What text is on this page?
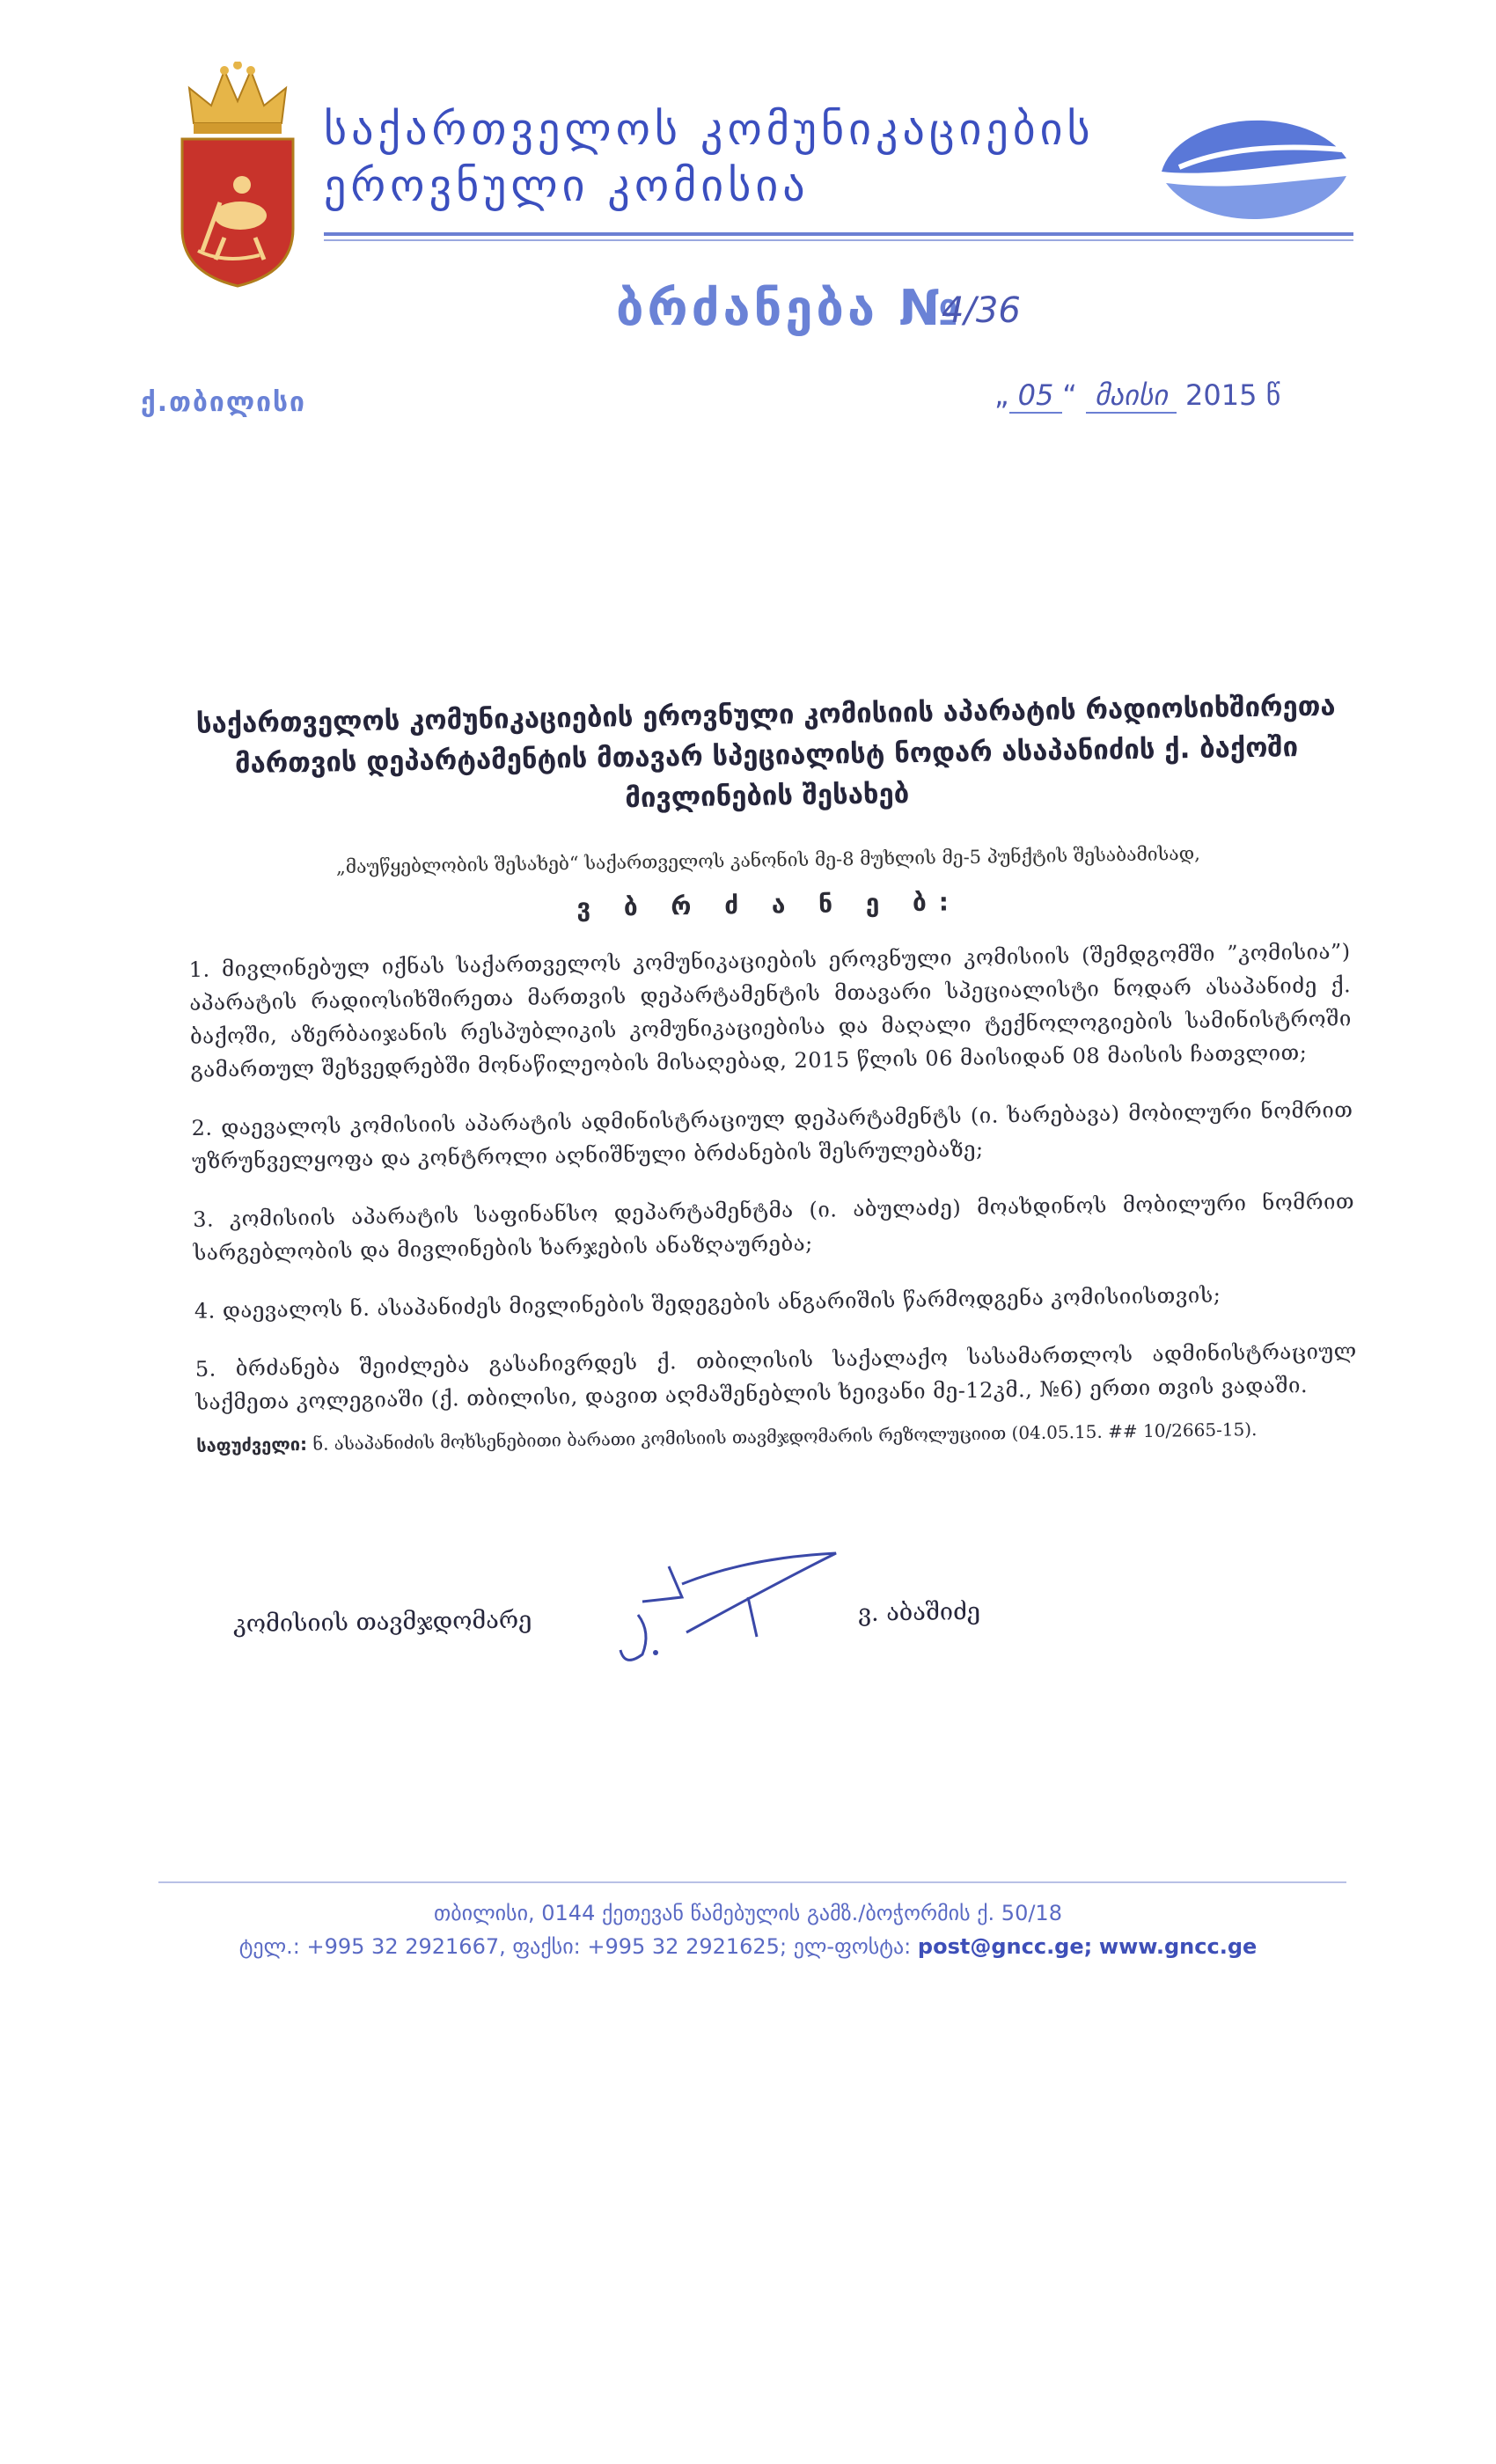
საქართველოს კომუნიკაციების
ეროვნული კომისია
ბრძანება №
4/36
ქ.თბილისი	„ 05 “ მაისი 2015 წ
საქართველოს კომუნიკაციების ეროვნული კომისიის აპარატის რადიოსიხშირეთა
მართვის დეპარტამენტის მთავარ სპეციალისტ ნოდარ ასაპანიძის ქ. ბაქოში
მივლინების შესახებ
„მაუწყებლობის შესახებ“ საქართველოს კანონის მე-8 მუხლის მე-5 პუნქტის შესაბამისად,
ვ ბ რ ძ ა ნ ე ბ:
1. მივლინებულ იქნას საქართველოს კომუნიკაციების ეროვნული კომისიის (შემდგომში ”კომისია”) აპარატის რადიოსიხშირეთა მართვის დეპარტამენტის მთავარი სპეციალისტი ნოდარ ასაპანიძე ქ. ბაქოში, აზერბაიჯანის რესპუბლიკის კომუნიკაციებისა და მაღალი ტექნოლოგიების სამინისტროში გამართულ შეხვედრებში მონაწილეობის მისაღებად, 2015 წლის 06 მაისიდან 08 მაისის ჩათვლით;
2. დაევალოს კომისიის აპარატის ადმინისტრაციულ დეპარტამენტს (ი. ხარებავა) მობილური ნომრით უზრუნველყოფა და კონტროლი აღნიშნული ბრძანების შესრულებაზე;
3. კომისიის აპარატის საფინანსო დეპარტამენტმა (ი. აბულაძე) მოახდინოს მობილური ნომრით სარგებლობის და მივლინების ხარჯების ანაზღაურება;
4. დაევალოს ნ. ასაპანიძეს მივლინების შედეგების ანგარიშის წარმოდგენა კომისიისთვის;
5. ბრძანება შეიძლება გასაჩივრდეს ქ. თბილისის საქალაქო სასამართლოს ადმინისტრაციულ საქმეთა კოლეგიაში (ქ. თბილისი, დავით აღმაშენებლის ხეივანი მე-12კმ., №6) ერთი თვის ვადაში.
საფუძველი: ნ. ასაპანიძის მოხსენებითი ბარათი კომისიის თავმჯდომარის რეზოლუციით (04.05.15. ## 10/2665-15).
კომისიის თავმჯდომარე	ვ. აბაშიძე
თბილისი, 0144 ქეთევან წამებულის გამზ./ბოჭორმის ქ. 50/18
ტელ.: +995 32 2921667, ფაქსი: +995 32 2921625; ელ-ფოსტა: post@gncc.ge; www.gncc.ge
